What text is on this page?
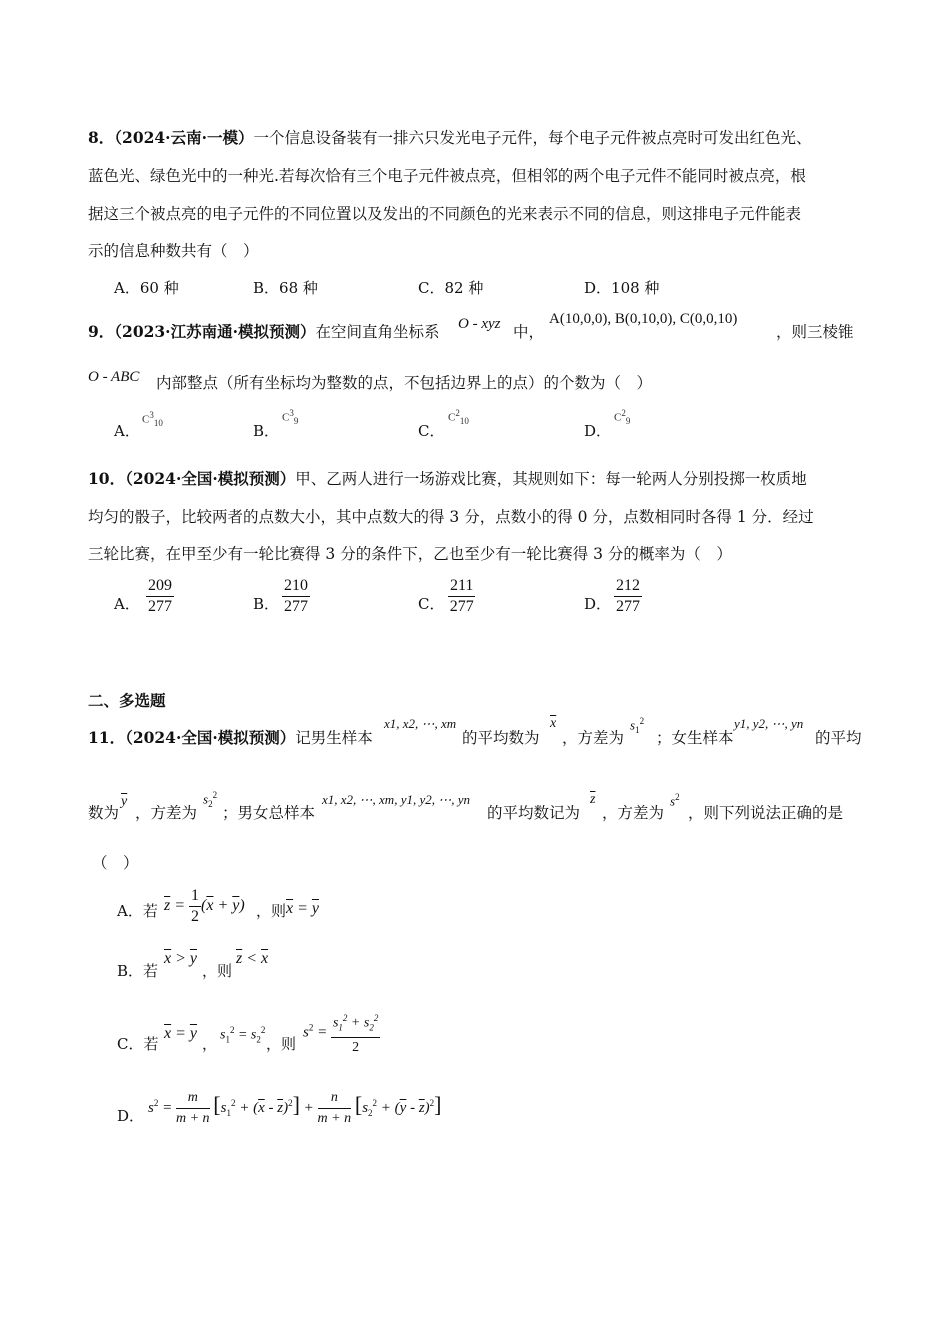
8．（2024·云南·一模）一个信息设备装有一排六只发光电子元件，每个电子元件被点亮时可发出红色光、
蓝色光、绿色光中的一种光.若每次恰有三个电子元件被点亮，但相邻的两个电子元件不能同时被点亮，根
据这三个被点亮的电子元件的不同位置以及发出的不同颜色的光来表示不同的信息，则这排电子元件能表
示的信息种数共有（　）
A．60 种	B．68 种	C．82 种	D．108 种
9．（2023·江苏南通·模拟预测）在空间直角坐标系 O - xyz 中，
A(10,0,0), B(0,10,0), C(0,0,10)
，则三棱锥
O - ABC 内部整点（所有坐标均为整数的点，不包括边界上的点）的个数为（　）
A．
$C^3_{10}$	B．
$C^3_9$
C．
$C^2_{10}$
D．
$C^2_9$
10．（2024·全国·模拟预测）甲、乙两人进行一场游戏比赛，其规则如下：每一轮两人分别投掷一枚质地
均匀的骰子，比较两者的点数大小，其中点数大的得 3 分，点数小的得 0 分，点数相同时各得 1 分．经过
三轮比赛，在甲至少有一轮比赛得 3 分的条件下，乙也至少有一轮比赛得 3 分的概率为（　）
A． $\frac{209}{277}$	B． $\frac{210}{277}$	C． $\frac{211}{277}$	D． $\frac{212}{277}$
二、多选题
11．（2024·全国·模拟预测）记男生样本
x1, x2, ⋯, xm
的平均数为
$\overline{x}$
，方差为
$s_1^2$
；女生样本
y1, y2, ⋯, yn
的平均
数为
$\overline{y}$
，方差为
$s_2^2$
；男女总样本
x1, x2, ⋯, xm, y1, y2, ⋯, yn
的平均数记为
$\overline{z}$
，方差为
$s^2$
，则下列说法正确的是
（　）
A．若 $\overline{z} = \frac{1}{2} (\overline{x} + \overline{y})$ ，则 $\overline{x} = \overline{y}$
B．若
$\overline{x} > \overline{y}$
，则
$\overline{z} < \overline{x}$
C．若
$\overline{x} = \overline{y}$
， $s_1^2 = s_2^2$
，则
$s^2 = \frac{s_1^2 + s_2^2}{2}$
D． $s^2 = \frac{m}{m + n} [s_1^2 + (\overline{x} - \overline{z})^2] + \frac{n}{m + n} [s_2^2 + (\overline{y} - \overline{z})^2]$
